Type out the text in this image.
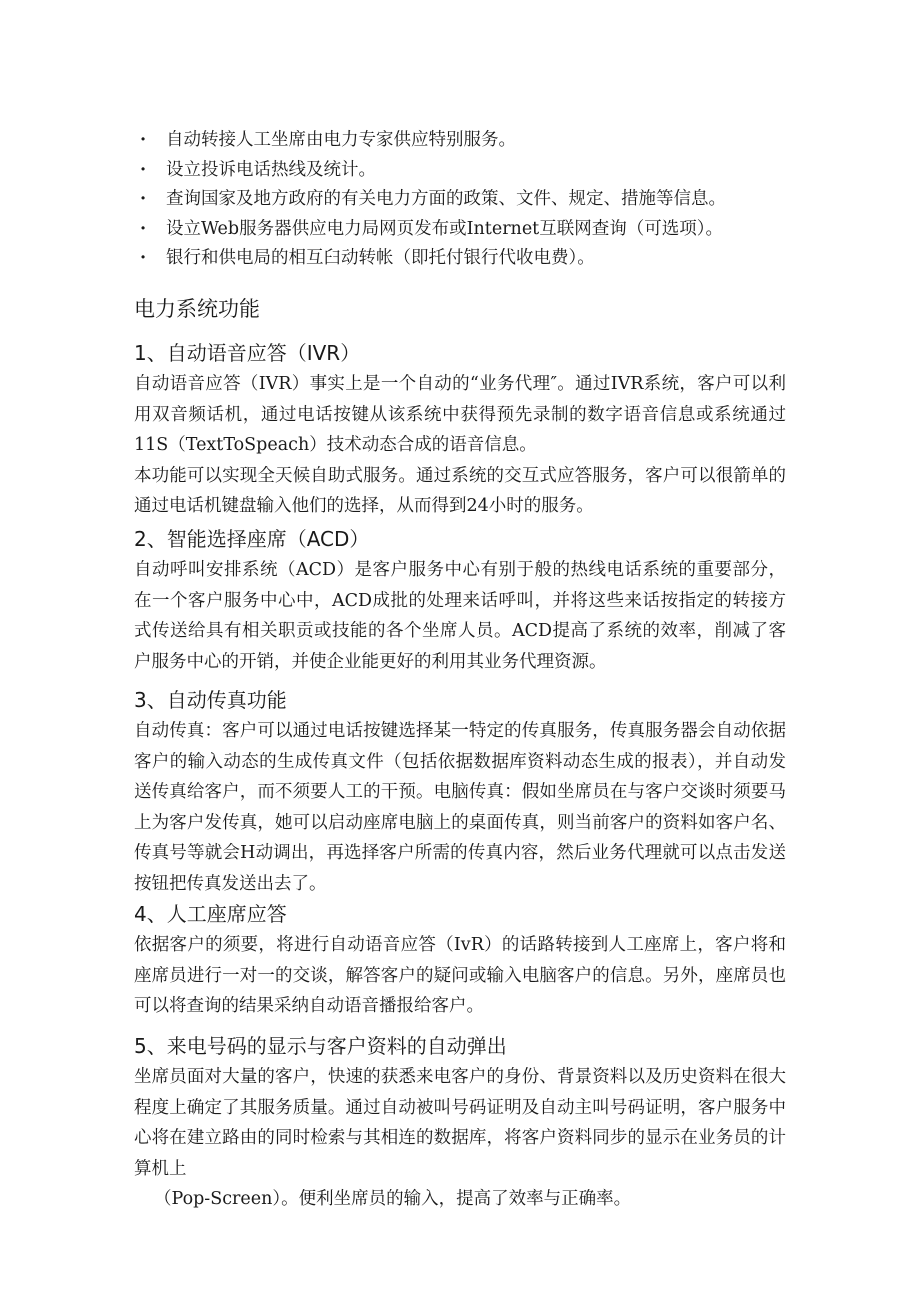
· 自动转接人工坐席由电力专家供应特别服务。
· 设立投诉电话热线及统计。
· 查询国家及地方政府的有关电力方面的政策、文件、规定、措施等信息。
· 设立Web服务器供应电力局网页发布或Internet互联网查询（可选项）。
· 银行和供电局的相互臼动转帐（即托付银行代收电费）。
电力系统功能
1、自动语音应答（IVR）

自动语音应答（IVR）事实上是一个自动的“业务代理″。通过IVR系统，客户可以利用双音频话机，通过电话按键从该系统中获得预先录制的数字语音信息或系统通过11S（TextToSpeach）技术动态合成的语音信息。

本功能可以实现全天候自助式服务。通过系统的交互式应答服务，客户可以很箭单的通过电话机键盘输入他们的选择，从而得到24小时的服务。

2、智能选择座席（ACD）

自动呼叫安排系统（ACD）是客户服务中心有别于般的热线电话系统的重要部分，在一个客户服务中心中，ACD成批的处理来话呼叫，并将这些来话按指定的转接方式传送给具有相关职贡或技能的各个坐席人员。ACD提高了系统的效率，削减了客户服务中心的开销，并使企业能更好的利用其业务代理资源。

3、自动传真功能

自动传真：客户可以通过电话按键选择某一特定的传真服务，传真服务器会自动依据客户的输入动态的生成传真文件（包括依据数据库资料动态生成的报表），并自动发送传真给客户，而不须要人工的干预。电脑传真：假如坐席员在与客户交谈时须要马上为客户发传真，她可以启动座席电脑上的桌面传真，则当前客户的资料如客户名、传真号等就会H动调出，再选择客户所需的传真内容，然后业务代理就可以点击发送按钮把传真发送出去了。

4、人工座席应答

依据客户的须要，将进行自动语音应答（IvR）的话路转接到人工座席上，客户将和座席员进行一对一的交谈，解答客户的疑问或输入电脑客户的信息。另外，座席员也可以将查询的结果采纳自动语音播报给客户。

5、来电号码的显示与客户资料的自动弹出

坐席员面对大量的客户，快速的获悉来电客户的身份、背景资料以及历史资料在很大程度上确定了其服务质量。通过自动被叫号码证明及自动主叫号码证明，客户服务中心将在建立路由的同时检索与其相连的数据库，将客户资料同步的显示在业务员的计算机上

（Pop-Screen）。便利坐席员的输入，提高了效率与正确率。
